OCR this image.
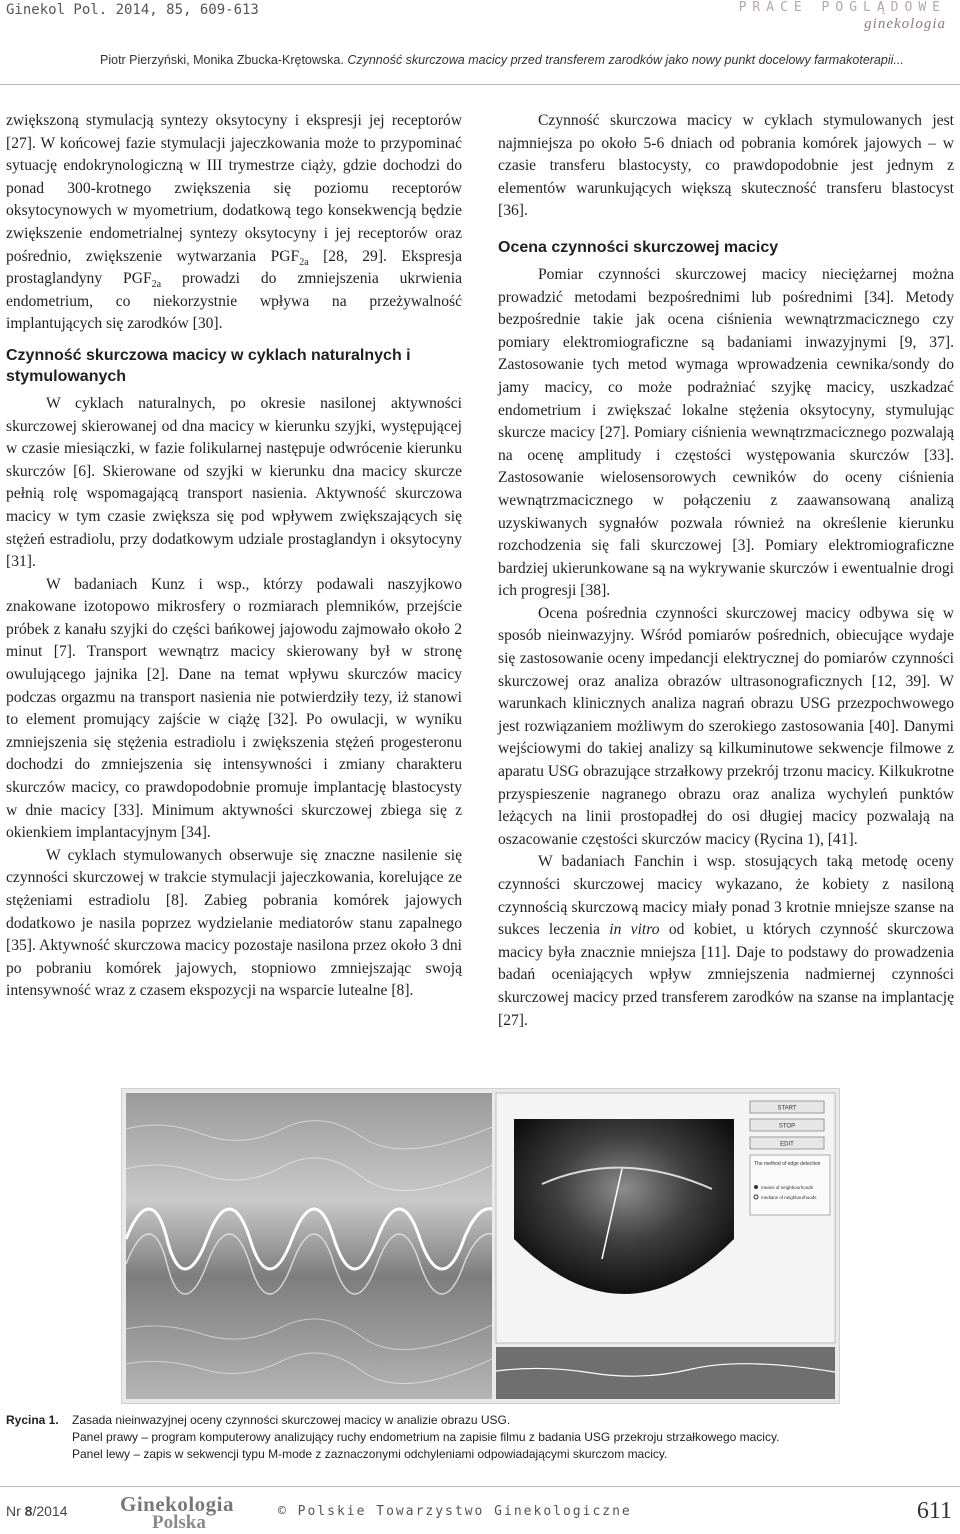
Ginekol Pol. 2014, 85, 609-613	PRACE POGLĄDOWE
ginekologia
Piotr Pierzyński, Monika Zbucka-Krętowska. Czynność skurczowa macicy przed transferem zarodków jako nowy punkt docelowy farmakoterapii...

zwiększoną stymulacją syntezy oksytocyny i ekspresji jej receptorów [27]. W końcowej fazie stymulacji jajeczkowania może to przypominać sytuację endokrynologiczną w III trymestrze ciąży, gdzie dochodzi do ponad 300-krotnego zwiększenia się poziomu receptorów oksytocynowych w myometrium, dodatkową tego konsekwencją będzie zwiększenie endometrialnej syntezy oksytocyny i jej receptorów oraz pośrednio, zwiększenie wytwarzania $PGF_{2a}$ [28, 29]. Ekspresja prostaglandyny $PGF_{2a}$ prowadzi do zmniejszenia ukrwienia endometrium, co niekorzystnie wpływa na przeżywalność implantujących się zarodków [30].

Czynność skurczowa macicy w cyklach naturalnych i stymulowanych

W cyklach naturalnych, po okresie nasilonej aktywności skurczowej skierowanej od dna macicy w kierunku szyjki, występującej w czasie miesiączki, w fazie folikularnej następuje odwrócenie kierunku skurczów [6]. Skierowane od szyjki w kierunku dna macicy skurcze pełnią rolę wspomagającą transport nasienia. Aktywność skurczowa macicy w tym czasie zwiększa się pod wpływem zwiększających się stężeń estradiolu, przy dodatkowym udziale prostaglandyn i oksytocyny [31].

W badaniach Kunz i wsp., którzy podawali naszyjkowo znakowane izotopowo mikrosfery o rozmiarach plemników, przejście próbek z kanału szyjki do części bańkowej jajowodu zajmowało około 2 minut [7]. Transport wewnątrz macicy skierowany był w stronę owulującego jajnika [2]. Dane na temat wpływu skurczów macicy podczas orgazmu na transport nasienia nie potwierdziły tezy, iż stanowi to element promujący zajście w ciążę [32]. Po owulacji, w wyniku zmniejszenia się stężenia estradiolu i zwiększenia stężeń progesteronu dochodzi do zmniejszenia się intensywności i zmiany charakteru skurczów macicy, co prawdopodobnie promuje implantację blastocysty w dnie macicy [33]. Minimum aktywności skurczowej zbiega się z okienkiem implantacyjnym [34].

W cyklach stymulowanych obserwuje się znaczne nasilenie się czynności skurczowej w trakcie stymulacji jajeczkowania, korelujące ze stężeniami estradiolu [8]. Zabieg pobrania komórek jajowych dodatkowo je nasila poprzez wydzielanie mediatorów stanu zapalnego [35]. Aktywność skurczowa macicy pozostaje nasilona przez około 3 dni po pobraniu komórek jajowych, stopniowo zmniejszając swoją intensywność wraz z czasem ekspozycji na wsparcie lutealne [8].

Czynność skurczowa macicy w cyklach stymulowanych jest najmniejsza po około 5-6 dniach od pobrania komórek jajowych – w czasie transferu blastocysty, co prawdopodobnie jest jednym z elementów warunkujących większą skuteczność transferu blastocyst [36].

Ocena czynności skurczowej macicy

Pomiar czynności skurczowej macicy nieciężarnej można prowadzić metodami bezpośrednimi lub pośrednimi [34]. Metody bezpośrednie takie jak ocena ciśnienia wewnątrzmacicznego czy pomiary elektromiograficzne są badaniami inwazyjnymi [9, 37]. Zastosowanie tych metod wymaga wprowadzenia cewnika/sondy do jamy macicy, co może podrażniać szyjkę macicy, uszkadzać endometrium i zwiększać lokalne stężenia oksytocyny, stymulując skurcze macicy [27]. Pomiary ciśnienia wewnątrzmacicznego pozwalają na ocenę amplitudy i częstości występowania skurczów [33]. Zastosowanie wielosensorowych cewników do oceny ciśnienia wewnątrzmacicznego w połączeniu z zaawansowaną analizą uzyskiwanych sygnałów pozwala również na określenie kierunku rozchodzenia się fali skurczowej [3]. Pomiary elektromiograficzne bardziej ukierunkowane są na wykrywanie skurczów i ewentualnie drogi ich progresji [38].

Ocena pośrednia czynności skurczowej macicy odbywa się w sposób nieinwazyjny. Wśród pomiarów pośrednich, obiecujące wydaje się zastosowanie oceny impedancji elektrycznej do pomiarów czynności skurczowej oraz analiza obrazów ultrasonograficznych [12, 39]. W warunkach klinicznych analiza nagrań obrazu USG przezpochwowego jest rozwiązaniem możliwym do szerokiego zastosowania [40]. Danymi wejściowymi do takiej analizy są kilkuminutowe sekwencje filmowe z aparatu USG obrazujące strzałkowy przekrój trzonu macicy. Kilkukrotne przyspieszenie nagranego obrazu oraz analiza wychyleń punktów leżących na linii prostopadłej do osi długiej macicy pozwalają na oszacowanie częstości skurczów macicy (Rycina 1), [41].

W badaniach Fanchin i wsp. stosujących taką metodę oceny czynności skurczowej macicy wykazano, że kobiety z nasiloną czynnością skurczową macicy miały ponad 3 krotnie mniejsze szanse na sukces leczenia in vitro od kobiet, u których czynność skurczowa macicy była znacznie mniejsza [11]. Daje to podstawy do prowadzenia badań oceniających wpływ zmniejszenia nadmiernej czynności skurczowej macicy przed transferem zarodków na szanse na implantację [27].

START
STOP
EDIT
The method of edge detection
means of neighbourhoods
medians of neighbourhoods
Rycina 1. Zasada nieinwazyjnej oceny czynności skurczowej macicy w analizie obrazu USG.
Panel prawy – program komputerowy analizujący ruchy endometrium na zapisie filmu z badania USG przekroju strzałkowego macicy.
Panel lewy – zapis w sekwencji typu M-mode z zaznaczonymi odchyleniami odpowiadającymi skurczom macicy.
Nr 8/2014 Ginekologia
Polska
© Polskie Towarzystwo Ginekologiczne	611
